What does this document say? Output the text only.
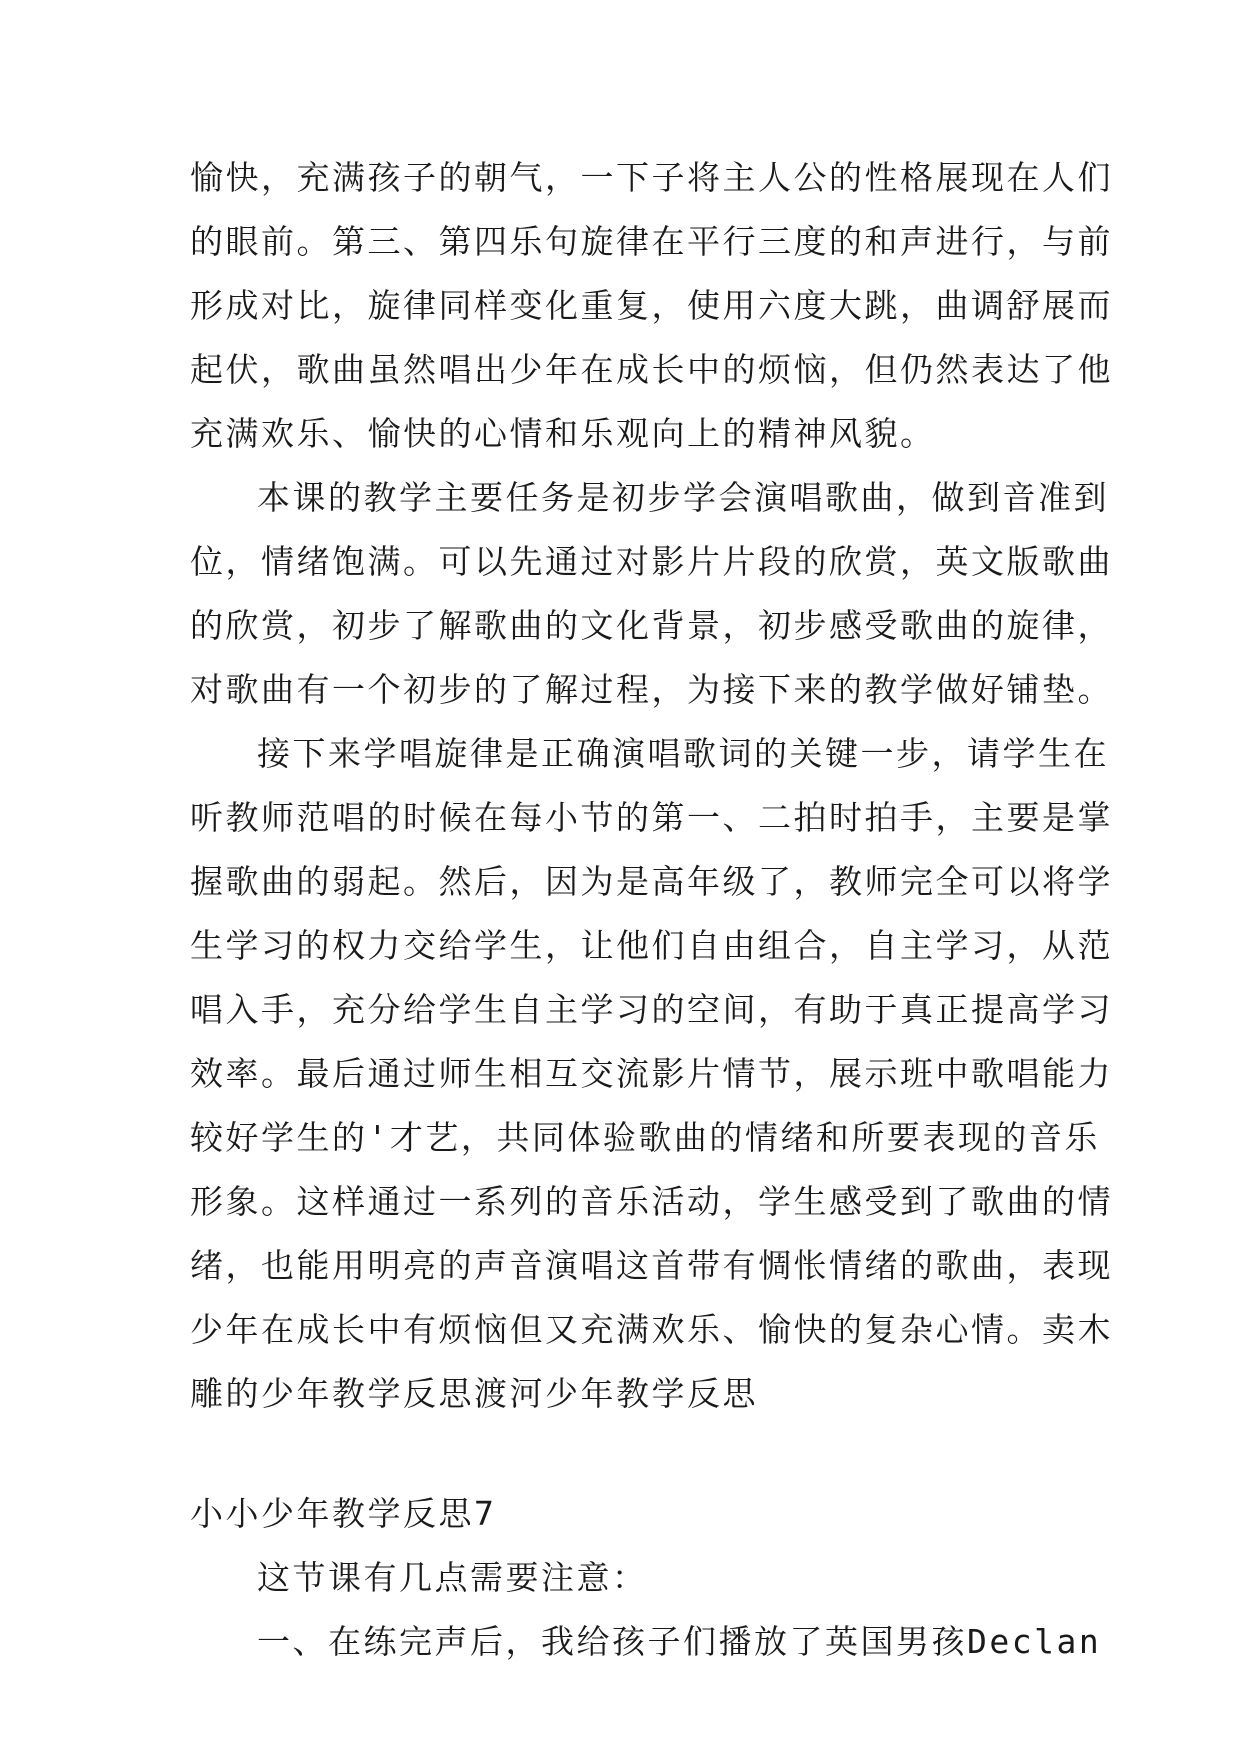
愉快，充满孩子的朝气，一下子将主人公的性格展现在人们
的眼前。第三、第四乐句旋律在平行三度的和声进行，与前
形成对比，旋律同样变化重复，使用六度大跳，曲调舒展而
起伏，歌曲虽然唱出少年在成长中的烦恼，但仍然表达了他
充满欢乐、愉快的心情和乐观向上的精神风貌。
本课的教学主要任务是初步学会演唱歌曲，做到音准到
位，情绪饱满。可以先通过对影片片段的欣赏，英文版歌曲
的欣赏，初步了解歌曲的文化背景，初步感受歌曲的旋律，
对歌曲有一个初步的了解过程，为接下来的教学做好铺垫。
接下来学唱旋律是正确演唱歌词的关键一步，请学生在
听教师范唱的时候在每小节的第一、二拍时拍手，主要是掌
握歌曲的弱起。然后，因为是高年级了，教师完全可以将学
生学习的权力交给学生，让他们自由组合，自主学习，从范
唱入手，充分给学生自主学习的空间，有助于真正提高学习
效率。最后通过师生相互交流影片情节，展示班中歌唱能力
较好学生的'才艺，共同体验歌曲的情绪和所要表现的音乐
形象。这样通过一系列的音乐活动，学生感受到了歌曲的情
绪，也能用明亮的声音演唱这首带有惆怅情绪的歌曲，表现
少年在成长中有烦恼但又充满欢乐、愉快的复杂心情。卖木
雕的少年教学反思渡河少年教学反思
小小少年教学反思7
这节课有几点需要注意：
一、在练完声后，我给孩子们播放了英国男孩Declan
